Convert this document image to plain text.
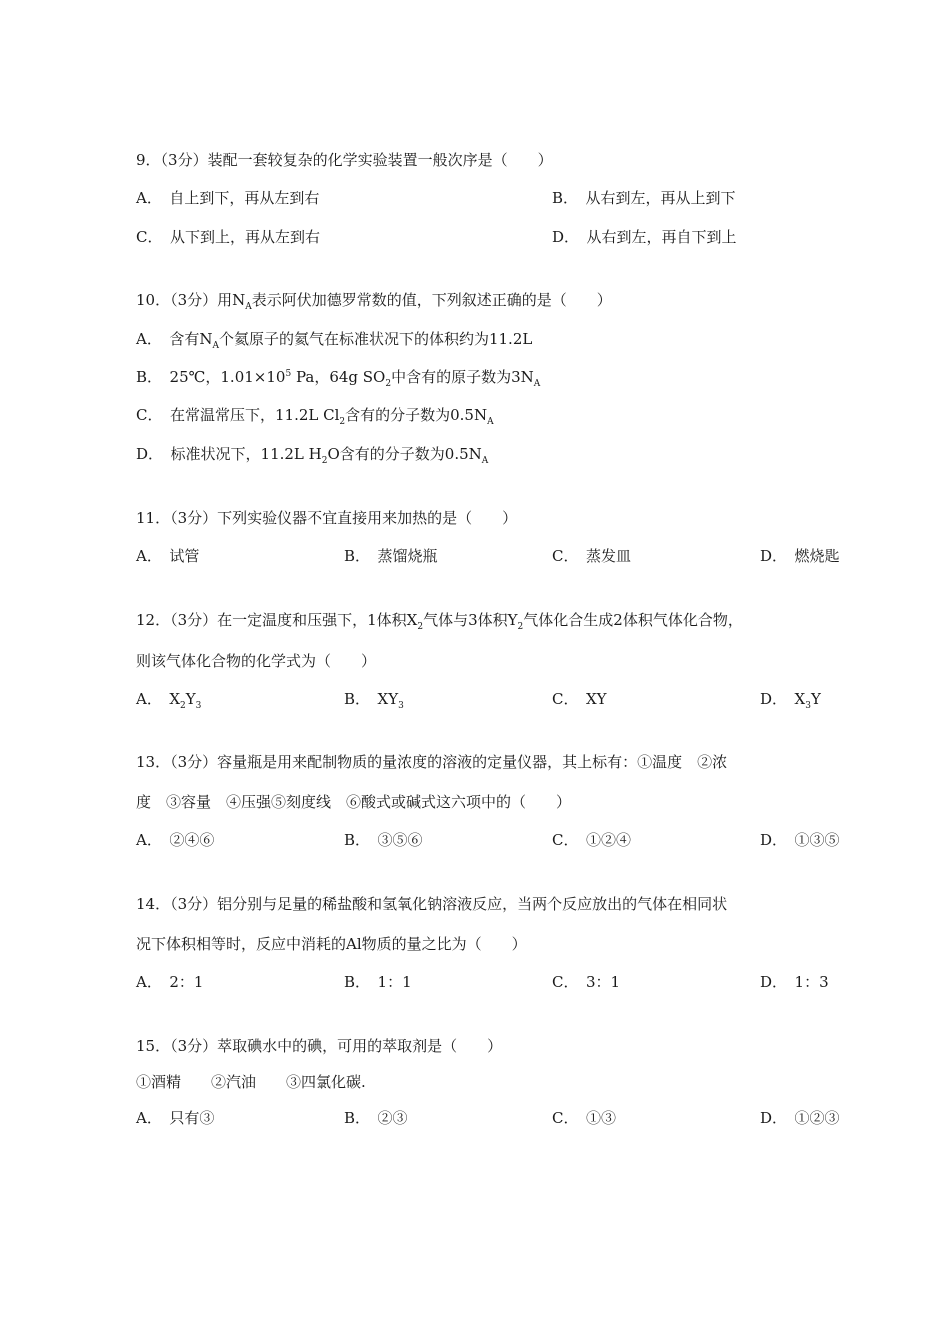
9．（3分）装配一套较复杂的化学实验装置一般次序是（　　）
A．　自上到下，再从左到右	B．　从右到左，再从上到下
C．　从下到上，再从左到右	D．　从右到左，再自下到上
10．（3分）用$N_A$表示阿伏加德罗常数的值，下列叙述正确的是（　　）
A．　含有$N_A$个氦原子的氦气在标准状况下的体积约为11.2L
B．　25℃，$1.01\times 10^5$ Pa，64g $SO_2$中含有的原子数为$3N_A$
C．　在常温常压下，11.2L $Cl_2$含有的分子数为$0.5N_A$
D．　标准状况下，11.2L $H_2O$含有的分子数为$0.5N_A$
11．（3分）下列实验仪器不宜直接用来加热的是（　　）
A．　试管	B．　蒸馏烧瓶	C．　蒸发皿	D．　燃烧匙
12．（3分）在一定温度和压强下，1体积$X_2$气体与3体积$Y_2$气体化合生成2体积气体化合物，
则该气体化合物的化学式为（　　）
A．　$X_2Y_3$	B．　$XY_3$	C．　XY	D．　$X_3Y$
13．（3分）容量瓶是用来配制物质的量浓度的溶液的定量仪器，其上标有：①温度　②浓
度　③容量　④压强⑤刻度线　⑥酸式或碱式这六项中的（　　）
A．　②④⑥	B．　③⑤⑥	C．　①②④	D．　①③⑤
14．（3分）铝分别与足量的稀盐酸和氢氧化钠溶液反应，当两个反应放出的气体在相同状
况下体积相等时，反应中消耗的Al物质的量之比为（　　）
A．　2：1	B．　1：1	C．　3：1	D．　1：3
15．（3分）萃取碘水中的碘，可用的萃取剂是（　　）
①酒精　　②汽油　　③四氯化碳.
A．　只有③	B．　②③	C．　①③	D．　①②③
